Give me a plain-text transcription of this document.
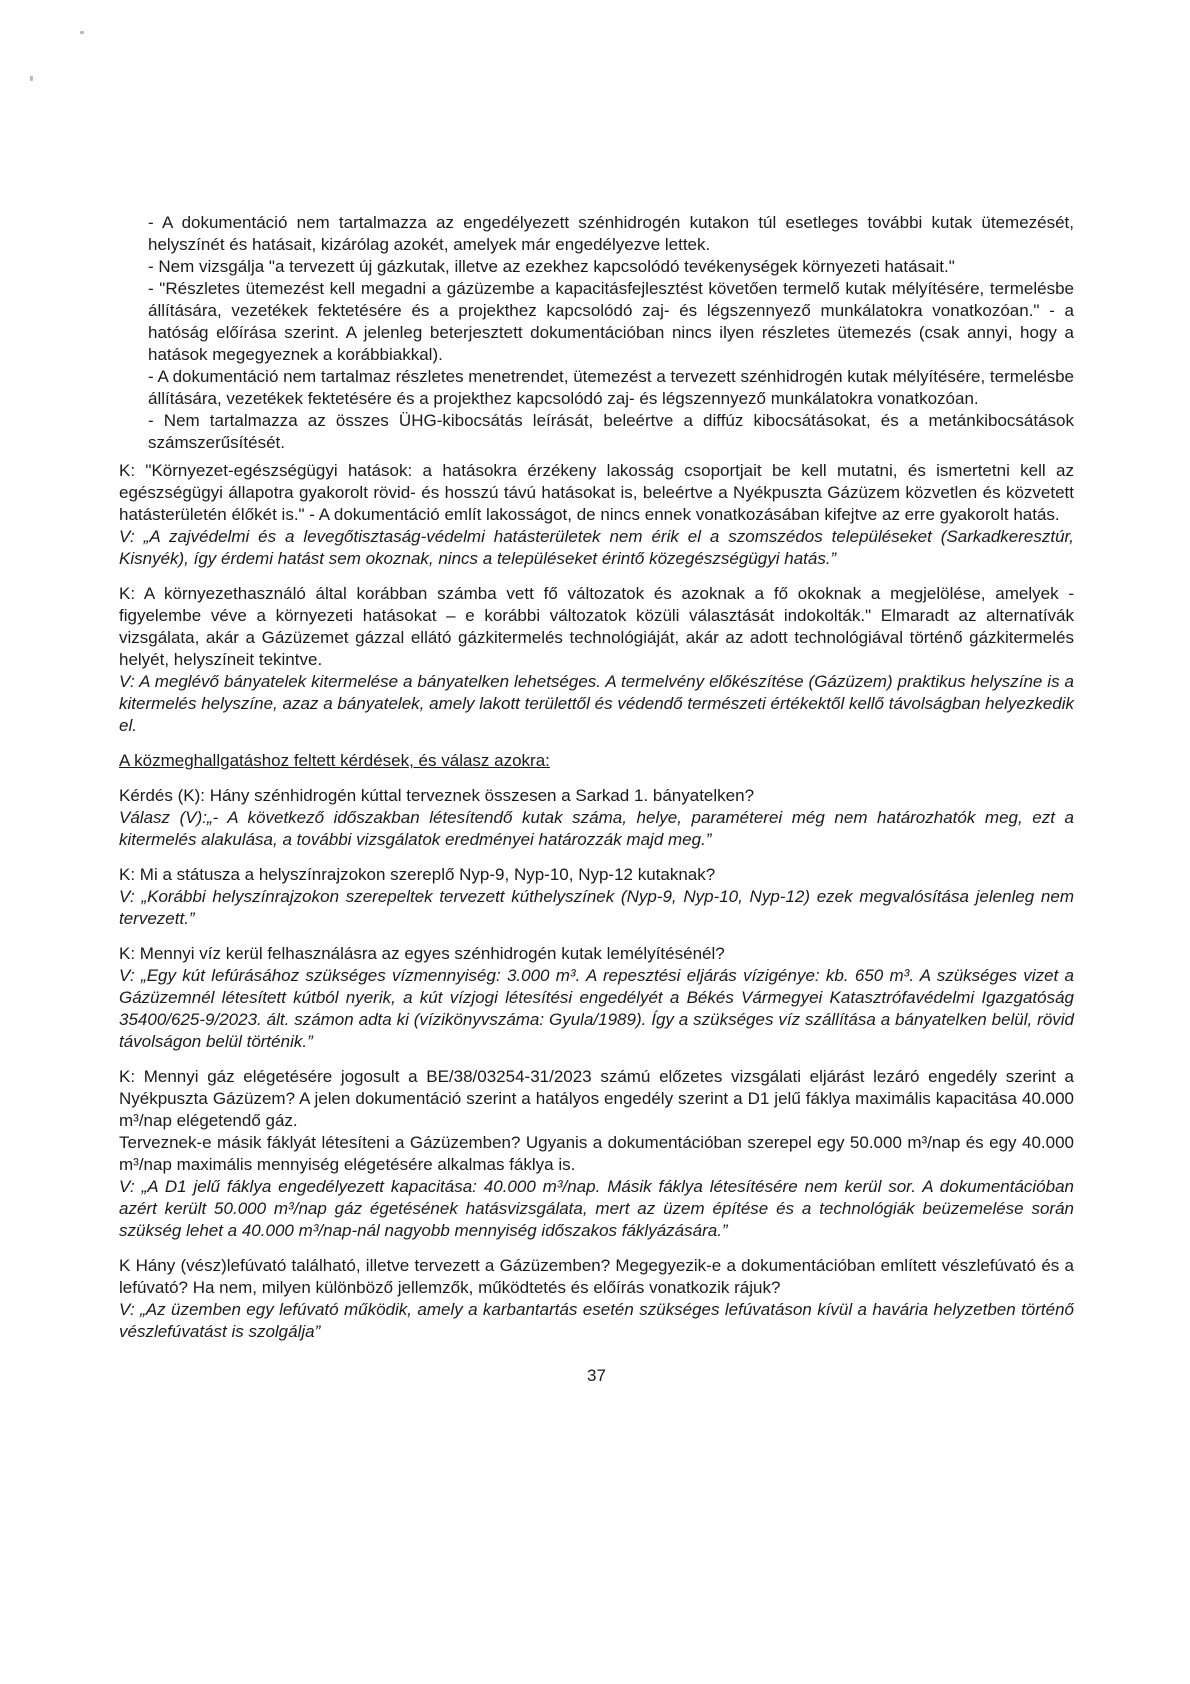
- A dokumentáció nem tartalmazza az engedélyezett szénhidrogén kutakon túl esetleges további kutak ütemezését, helyszínét és hatásait, kizárólag azokét, amelyek már engedélyezve lettek.

- Nem vizsgálja "a tervezett új gázkutak, illetve az ezekhez kapcsolódó tevékenységek környezeti hatásait."

- "Részletes ütemezést kell megadni a gázüzembe a kapacitásfejlesztést követően termelő kutak mélyítésére, termelésbe állítására, vezetékek fektetésére és a projekthez kapcsolódó zaj- és légszennyező munkálatokra vonatkozóan." - a hatóság előírása szerint. A jelenleg beterjesztett dokumentációban nincs ilyen részletes ütemezés (csak annyi, hogy a hatások megegyeznek a korábbiakkal).

- A dokumentáció nem tartalmaz részletes menetrendet, ütemezést a tervezett szénhidrogén kutak mélyítésére, termelésbe állítására, vezetékek fektetésére és a projekthez kapcsolódó zaj- és légszennyező munkálatokra vonatkozóan.

- Nem tartalmazza az összes ÜHG-kibocsátás leírását, beleértve a diffúz kibocsátásokat, és a metánkibocsátások számszerűsítését.

K: "Környezet-egészségügyi hatások: a hatásokra érzékeny lakosság csoportjait be kell mutatni, és ismertetni kell az egészségügyi állapotra gyakorolt rövid- és hosszú távú hatásokat is, beleértve a Nyékpuszta Gázüzem közvetlen és közvetett hatásterületén élőkét is." - A dokumentáció említ lakosságot, de nincs ennek vonatkozásában kifejtve az erre gyakorolt hatás.

V: „A zajvédelmi és a levegőtisztaság-védelmi hatásterületek nem érik el a szomszédos településeket (Sarkadkeresztúr, Kisnyék), így érdemi hatást sem okoznak, nincs a településeket érintő közegészségügyi hatás.”

K: A környezethasználó által korábban számba vett fő változatok és azoknak a fő okoknak a megjelölése, amelyek - figyelembe véve a környezeti hatásokat – e korábbi változatok közüli választását indokolták." Elmaradt az alternatívák vizsgálata, akár a Gázüzemet gázzal ellátó gázkitermelés technológiáját, akár az adott technológiával történő gázkitermelés helyét, helyszíneit tekintve.

V: A meglévő bányatelek kitermelése a bányatelken lehetséges. A termelvény előkészítése (Gázüzem) praktikus helyszíne is a kitermelés helyszíne, azaz a bányatelek, amely lakott területtől és védendő természeti értékektől kellő távolságban helyezkedik el.

A közmeghallgatáshoz feltett kérdések, és válasz azokra:

Kérdés (K): Hány szénhidrogén kúttal terveznek összesen a Sarkad 1. bányatelken?

Válasz (V):„- A következő időszakban létesítendő kutak száma, helye, paraméterei még nem határozhatók meg, ezt a kitermelés alakulása, a további vizsgálatok eredményei határozzák majd meg.”

K: Mi a státusza a helyszínrajzokon szereplő Nyp-9, Nyp-10, Nyp-12 kutaknak?

V: „Korábbi helyszínrajzokon szerepeltek tervezett kúthelyszínek (Nyp-9, Nyp-10, Nyp-12) ezek megvalósítása jelenleg nem tervezett.”

K: Mennyi víz kerül felhasználásra az egyes szénhidrogén kutak lemélyítésénél?

V: „Egy kút lefúrásához szükséges vízmennyiség: 3.000 m³. A repesztési eljárás vízigénye: kb. 650 m³. A szükséges vizet a Gázüzemnél létesített kútból nyerik, a kút vízjogi létesítési engedélyét a Békés Vármegyei Katasztrófavédelmi Igazgatóság 35400/625-9/2023. ált. számon adta ki (vízikönyvszáma: Gyula/1989). Így a szükséges víz szállítása a bányatelken belül, rövid távolságon belül történik.”

K: Mennyi gáz elégetésére jogosult a BE/38/03254-31/2023 számú előzetes vizsgálati eljárást lezáró engedély szerint a Nyékpuszta Gázüzem? A jelen dokumentáció szerint a hatályos engedély szerint a D1 jelű fáklya maximális kapacitása 40.000 m³/nap elégetendő gáz.

Terveznek-e másik fáklyát létesíteni a Gázüzemben? Ugyanis a dokumentációban szerepel egy 50.000 m³/nap és egy 40.000 m³/nap maximális mennyiség elégetésére alkalmas fáklya is.

V: „A D1 jelű fáklya engedélyezett kapacitása: 40.000 m³/nap. Másik fáklya létesítésére nem kerül sor. A dokumentációban azért került 50.000 m³/nap gáz égetésének hatásvizsgálata, mert az üzem építése és a technológiák beüzemelése során szükség lehet a 40.000 m³/nap-nál nagyobb mennyiség időszakos fáklyázására.”

K Hány (vész)lefúvató található, illetve tervezett a Gázüzemben? Megegyezik-e a dokumentációban említett vészlefúvató és a lefúvató? Ha nem, milyen különböző jellemzők, működtetés és előírás vonatkozik rájuk?

V: „Az üzemben egy lefúvató működik, amely a karbantartás esetén szükséges lefúvatáson kívül a havária helyzetben történő vészlefúvatást is szolgálja”

37
